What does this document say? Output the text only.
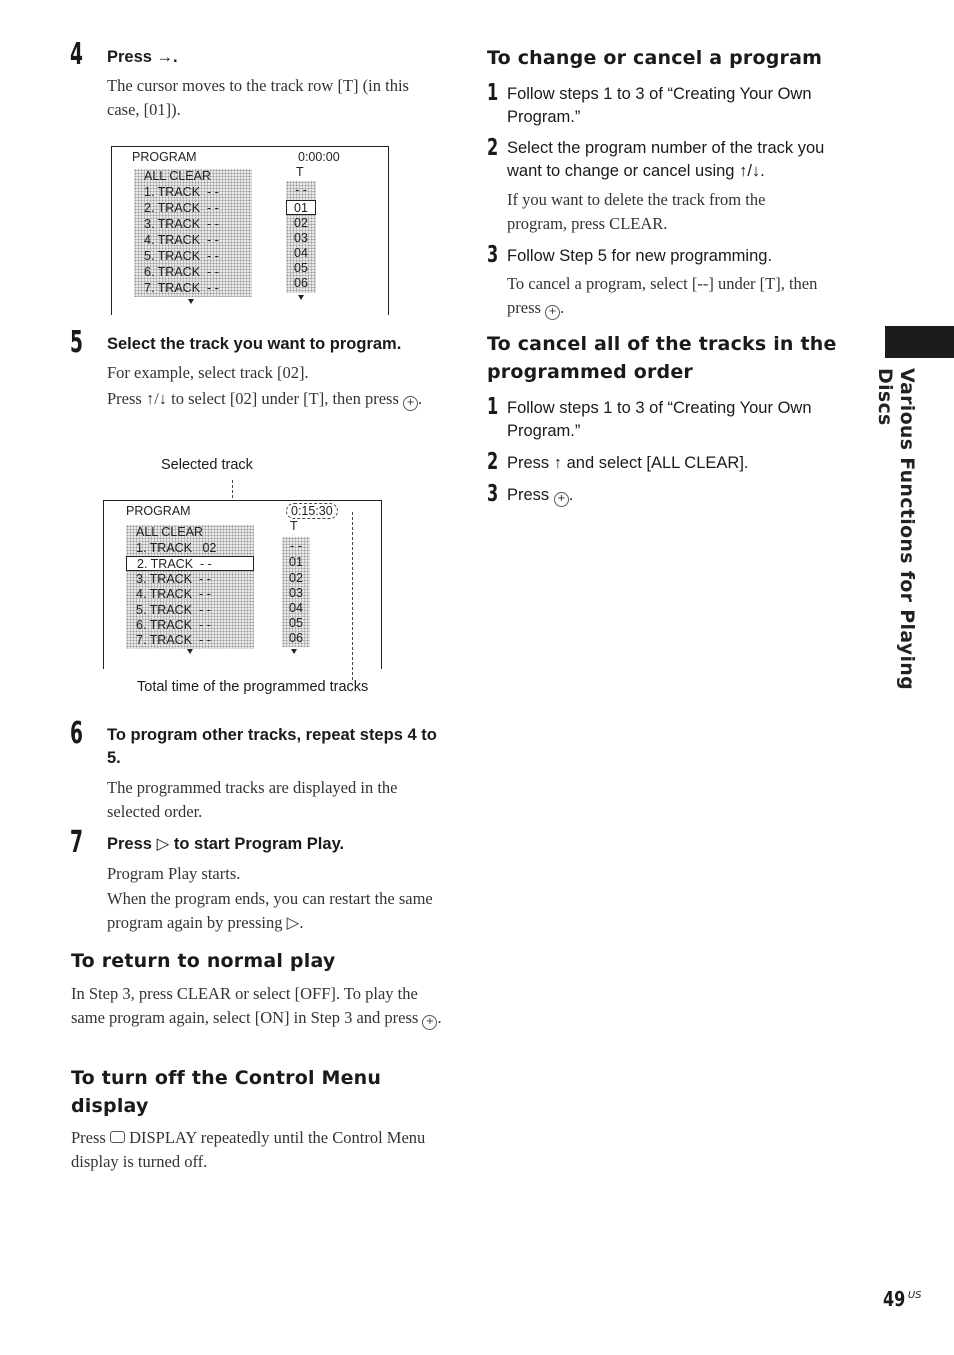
4 Press →.
The cursor moves to the track row [T] (in this case, [01]).
PROGRAM	0:00:00
T
ALL CLEAR
1. TRACK  - -
2. TRACK  - -
3. TRACK  - -
4. TRACK  - -
5. TRACK  - -
6. TRACK  - -
7. TRACK  - -
- -
01
02
03
04
05
06
5 Select the track you want to program.
For example, select track [02].
Press ↑/↓ to select [02] under [T], then press + .
Selected track
PROGRAM	0:15:30
T
ALL CLEAR
1. TRACK   02
2. TRACK  - -
3. TRACK  - -
4. TRACK  - -
5. TRACK  - -
6. TRACK  - -
7. TRACK  - -
- -
01
02
03
04
05
06
Total time of the programmed tracks
6 To program other tracks, repeat steps 4 to 5.
The programmed tracks are displayed in the selected order.
7 Press ▷ to start Program Play.
Program Play starts.
When the program ends, you can restart the same program again by pressing ▷.
To return to normal play
In Step 3, press CLEAR or select [OFF]. To play the same program again, select [ON] in Step 3 and press + .
To turn off the Control Menu display
Press DISPLAY repeatedly until the Control Menu display is turned off.
To change or cancel a program
1 Follow steps 1 to 3 of “Creating Your Own Program.”
2 Select the program number of the track you want to change or cancel using ↑/↓.
If you want to delete the track from the program, press CLEAR.
3 Follow Step 5 for new programming.
To cancel a program, select [--] under [T], then press + .
To cancel all of the tracks in the programmed order
1 Follow steps 1 to 3 of “Creating Your Own Program.”
2 Press ↑ and select [ALL CLEAR].
3 Press + .	Various Functions for Playing Discs
49 $^{US}$
